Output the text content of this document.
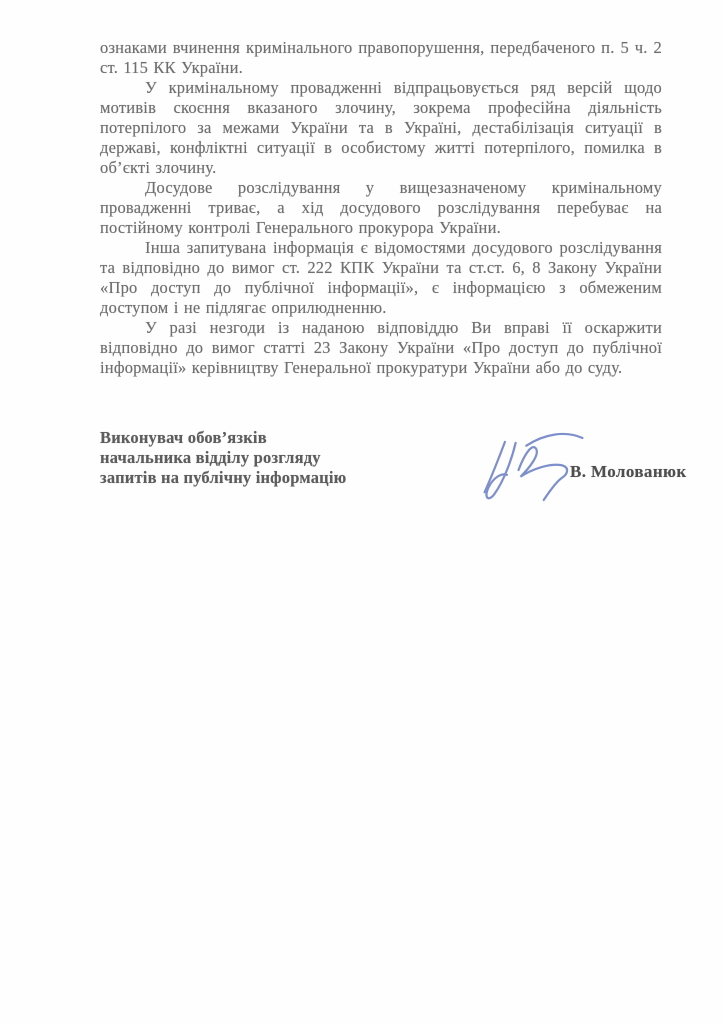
ознаками вчинення кримінального правопорушення, передбаченого п. 5 ч. 2 ст. 115 КК України.

У кримінальному провадженні відпрацьовується ряд версій щодо мотивів скоєння вказаного злочину, зокрема професійна діяльність потерпілого за межами України та в Україні, дестабілізація ситуації в державі, конфліктні ситуації в особистому житті потерпілого, помилка в об’єкті злочину.

Досудове розслідування у вищезазначеному кримінальному провадженні триває, а хід досудового розслідування перебуває на постійному контролі Генерального прокурора України.

Інша запитувана інформація є відомостями досудового розслідування та відповідно до вимог ст. 222 КПК України та ст.ст. 6, 8 Закону України «Про доступ до публічної інформації», є інформацією з обмеженим доступом і не підлягає оприлюдненню.

У разі незгоди із наданою відповіддю Ви вправі її оскаржити відповідно до вимог статті 23 Закону України «Про доступ до публічної інформації» керівництву Генеральної прокуратури України або до суду.

Виконувач обов’язків
начальника відділу розгляду
запитів на публічну інформацію	В. Молованюк
